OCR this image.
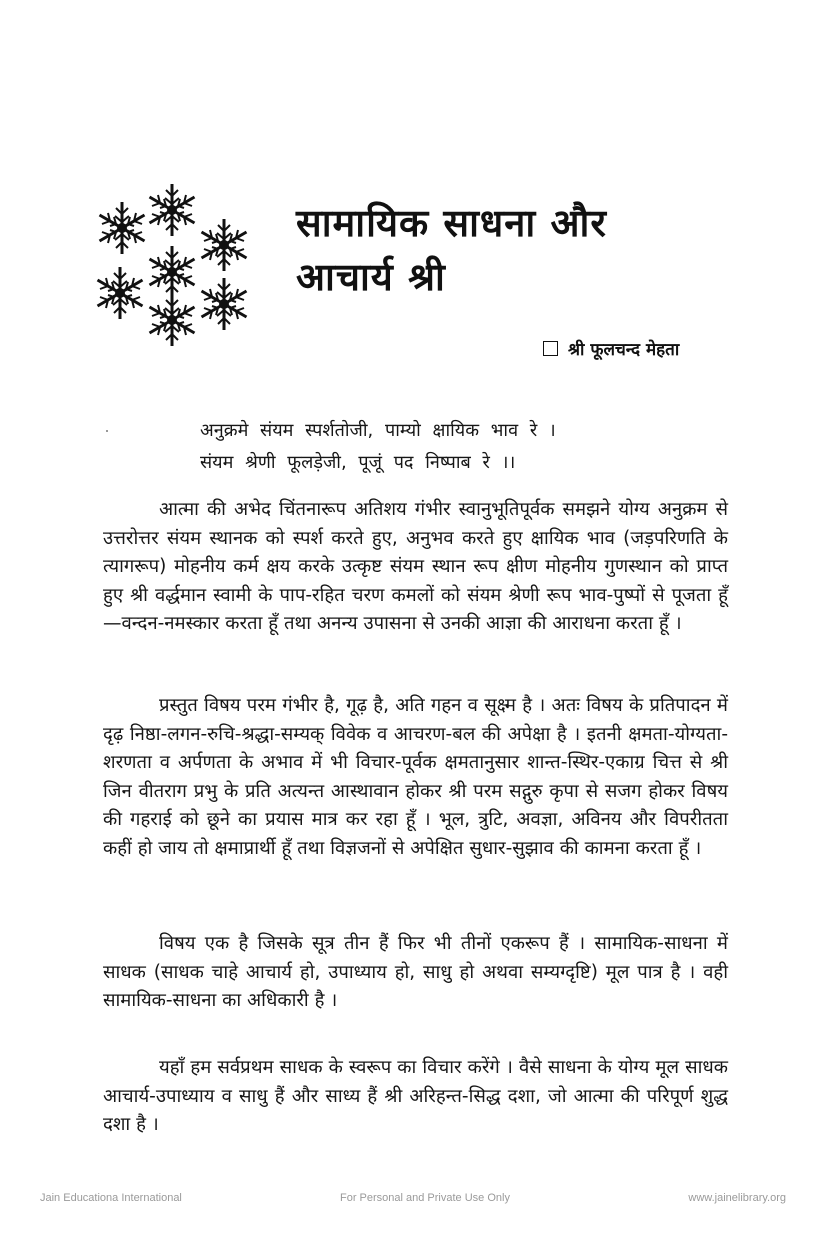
सामायिक साधना और
आचार्य श्री
श्री फूलचन्द मेहता
अनुक्रमे संयम स्पर्शतोजी, पाम्यो क्षायिक भाव रे ।
संयम श्रेणी फूलड़ेजी, पूजूं पद निष्पाब रे ।।

आत्मा की अभेद चिंतनारूप अतिशय गंभीर स्वानुभूतिपूर्वक समझने योग्य अनुक्रम से उत्तरोत्तर संयम स्थानक को स्पर्श करते हुए, अनुभव करते हुए क्षायिक भाव (जड़परिणति के त्यागरूप) मोहनीय कर्म क्षय करके उत्कृष्ट संयम स्थान रूप क्षीण मोहनीय गुणस्थान को प्राप्त हुए श्री वर्द्धमान स्वामी के पाप-रहित चरण कमलों को संयम श्रेणी रूप भाव-पुष्पों से पूजता हूँ—वन्दन-नमस्कार करता हूँ तथा अनन्य उपासना से उनकी आज्ञा की आराधना करता हूँ ।

प्रस्तुत विषय परम गंभीर है, गूढ़ है, अति गहन व सूक्ष्म है । अतः विषय के प्रतिपादन में दृढ़ निष्ठा-लगन-रुचि-श्रद्धा-सम्यक् विवेक व आचरण-बल की अपेक्षा है । इतनी क्षमता-योग्यता-शरणता व अर्पणता के अभाव में भी विचार-पूर्वक क्षमतानुसार शान्त-स्थिर-एकाग्र चित्त से श्री जिन वीतराग प्रभु के प्रति अत्यन्त आस्थावान होकर श्री परम सद्गुरु कृपा से सजग होकर विषय की गहराई को छूने का प्रयास मात्र कर रहा हूँ । भूल, त्रुटि, अवज्ञा, अविनय और विपरीतता कहीं हो जाय तो क्षमाप्रार्थी हूँ तथा विज्ञजनों से अपेक्षित सुधार-सुझाव की कामना करता हूँ ।

विषय एक है जिसके सूत्र तीन हैं फिर भी तीनों एकरूप हैं । सामायिक-साधना में साधक (साधक चाहे आचार्य हो, उपाध्याय हो, साधु हो अथवा सम्यग्दृष्टि) मूल पात्र है । वही सामायिक-साधना का अधिकारी है ।

यहाँ हम सर्वप्रथम साधक के स्वरूप का विचार करेंगे । वैसे साधना के योग्य मूल साधक आचार्य-उपाध्याय व साधु हैं और साध्य हैं श्री अरिहन्त-सिद्ध दशा, जो आत्मा की परिपूर्ण शुद्ध दशा है ।

Jain Educationa International	For Personal and Private Use Only	www.jainelibrary.org
